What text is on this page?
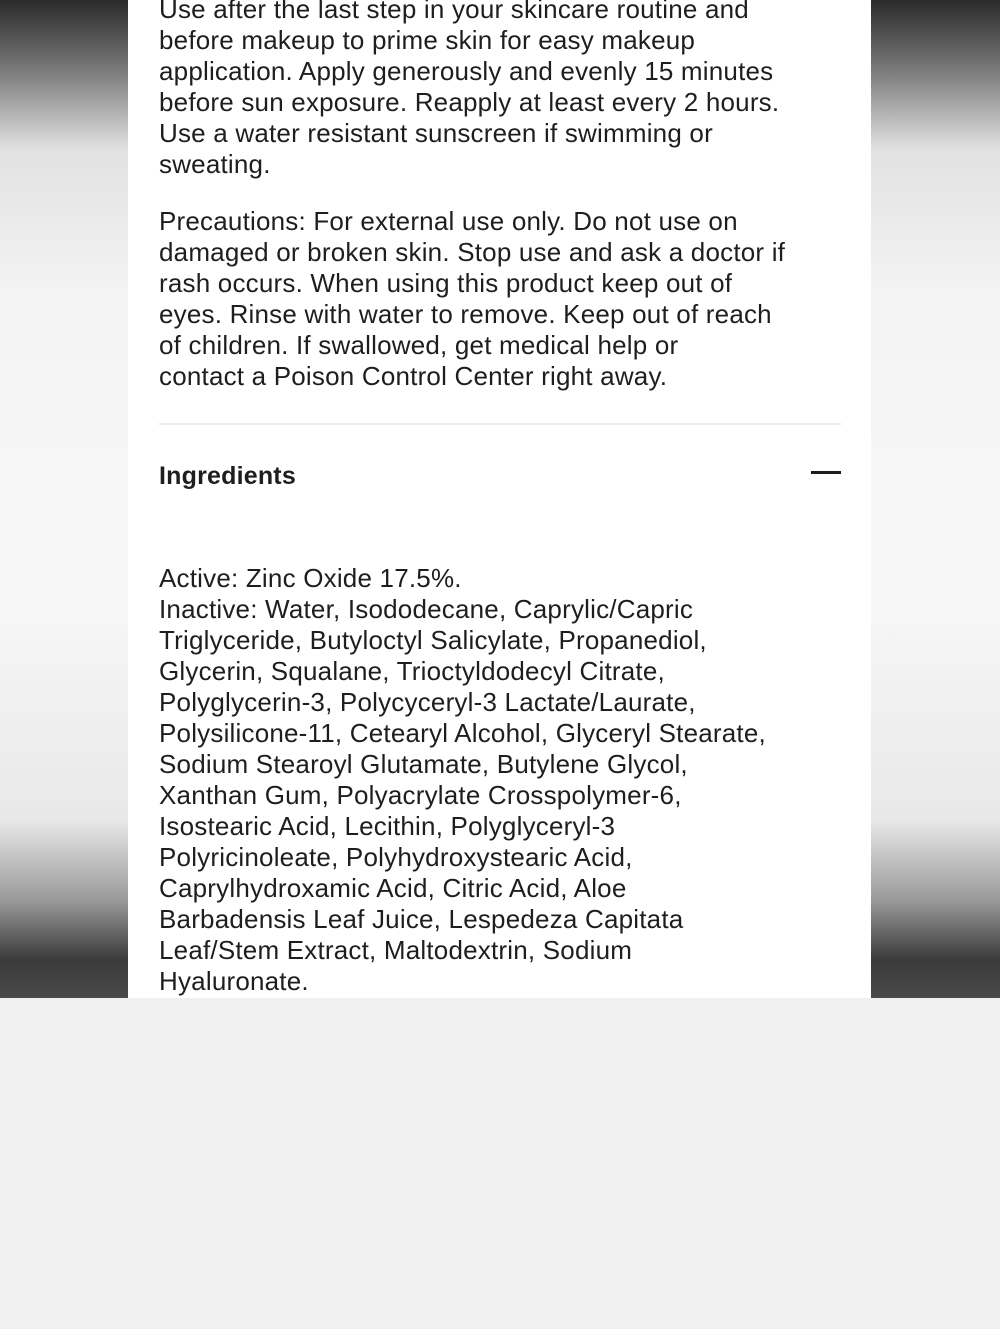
Use after the last step in your skincare routine and
before makeup to prime skin for easy makeup
application. Apply generously and evenly 15 minutes
before sun exposure. Reapply at least every 2 hours.
Use a water resistant sunscreen if swimming or
sweating.

Precautions: For external use only. Do not use on
damaged or broken skin. Stop use and ask a doctor if
rash occurs. When using this product keep out of
eyes. Rinse with water to remove. Keep out of reach
of children. If swallowed, get medical help or
contact a Poison Control Center right away.

Ingredients

Active: Zinc Oxide 17.5%.
Inactive: Water, Isododecane, Caprylic/Capric
Triglyceride, Butyloctyl Salicylate, Propanediol,
Glycerin, Squalane, Trioctyldodecyl Citrate,
Polyglycerin-3, Polycyceryl-3 Lactate/Laurate,
Polysilicone-11, Cetearyl Alcohol, Glyceryl Stearate,
Sodium Stearoyl Glutamate, Butylene Glycol,
Xanthan Gum, Polyacrylate Crosspolymer-6,
Isostearic Acid, Lecithin, Polyglyceryl-3
Polyricinoleate, Polyhydroxystearic Acid,
Caprylhydroxamic Acid, Citric Acid, Aloe
Barbadensis Leaf Juice, Lespedeza Capitata
Leaf/Stem Extract, Maltodextrin, Sodium
Hyaluronate.
